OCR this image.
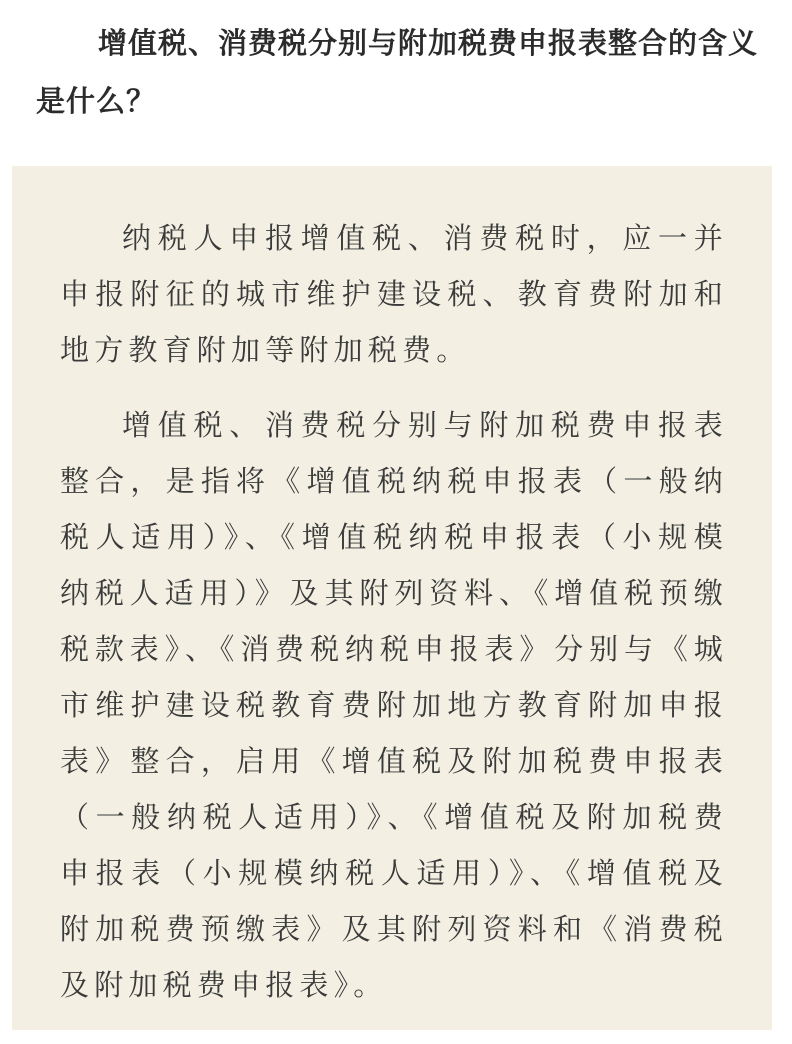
增值税、消费税分别与附加税费申报表整合的含义是什么？

纳税人申报增值税、消费税时，应一并申报附征的城市维护建设税、教育费附加和地方教育附加等附加税费。

增值税、消费税分别与附加税费申报表整合，是指将《增值税纳税申报表（一般纳税人适用）》、《增值税纳税申报表（小规模纳税人适用）》及其附列资料、《增值税预缴税款表》、《消费税纳税申报表》分别与《城市维护建设税教育费附加地方教育附加申报表》整合，启用《增值税及附加税费申报表（一般纳税人适用）》、《增值税及附加税费申报表（小规模纳税人适用）》、《增值税及附加税费预缴表》及其附列资料和《消费税及附加税费申报表》。
